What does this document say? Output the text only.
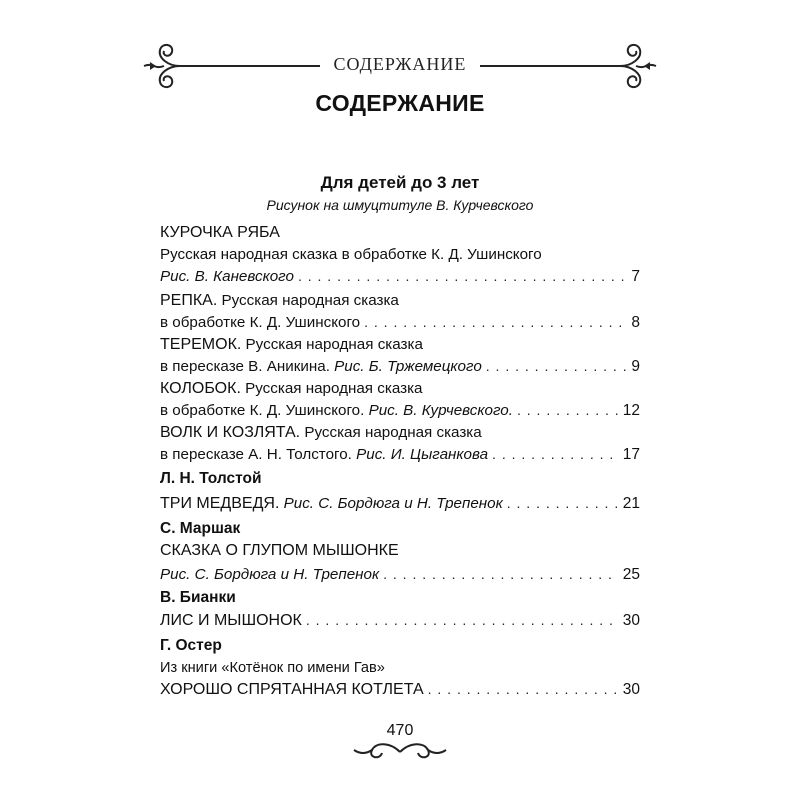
СОДЕРЖАНИЕ
СОДЕРЖАНИЕ
Для детей до 3 лет
Рисунок на шмуцтитуле В. Курчевского
КУРОЧКА РЯБА
Русская народная сказка в обработке К. Д. Ушинского
Рис. В. Каневского . . .	7
РЕПКА. Русская народная сказка
в обработке К. Д. Ушинского . . .	8
ТЕРЕМОК. Русская народная сказка
в пересказе В. Аникина. Рис. Б. Тржемецкого . . .	9
КОЛОБОК. Русская народная сказка
в обработке К. Д. Ушинского. Рис. В. Курчевского. . . .	12
ВОЛК И КОЗЛЯТА. Русская народная сказка
в пересказе А. Н. Толстого. Рис. И. Цыганкова . . .	17
Л. Н. Толстой
ТРИ МЕДВЕДЯ. Рис. С. Бордюга и Н. Трепенок . . .	21
С. Маршак
СКАЗКА О ГЛУПОМ МЫШОНКЕ
Рис. С. Бордюга и Н. Трепенок . . .	25
В. Бианки
ЛИС И МЫШОНОК . . .	30
Г. Остер
Из книги «Котёнок по имени Гав»
ХОРОШО СПРЯТАННАЯ КОТЛЕТА . . .	30
470
